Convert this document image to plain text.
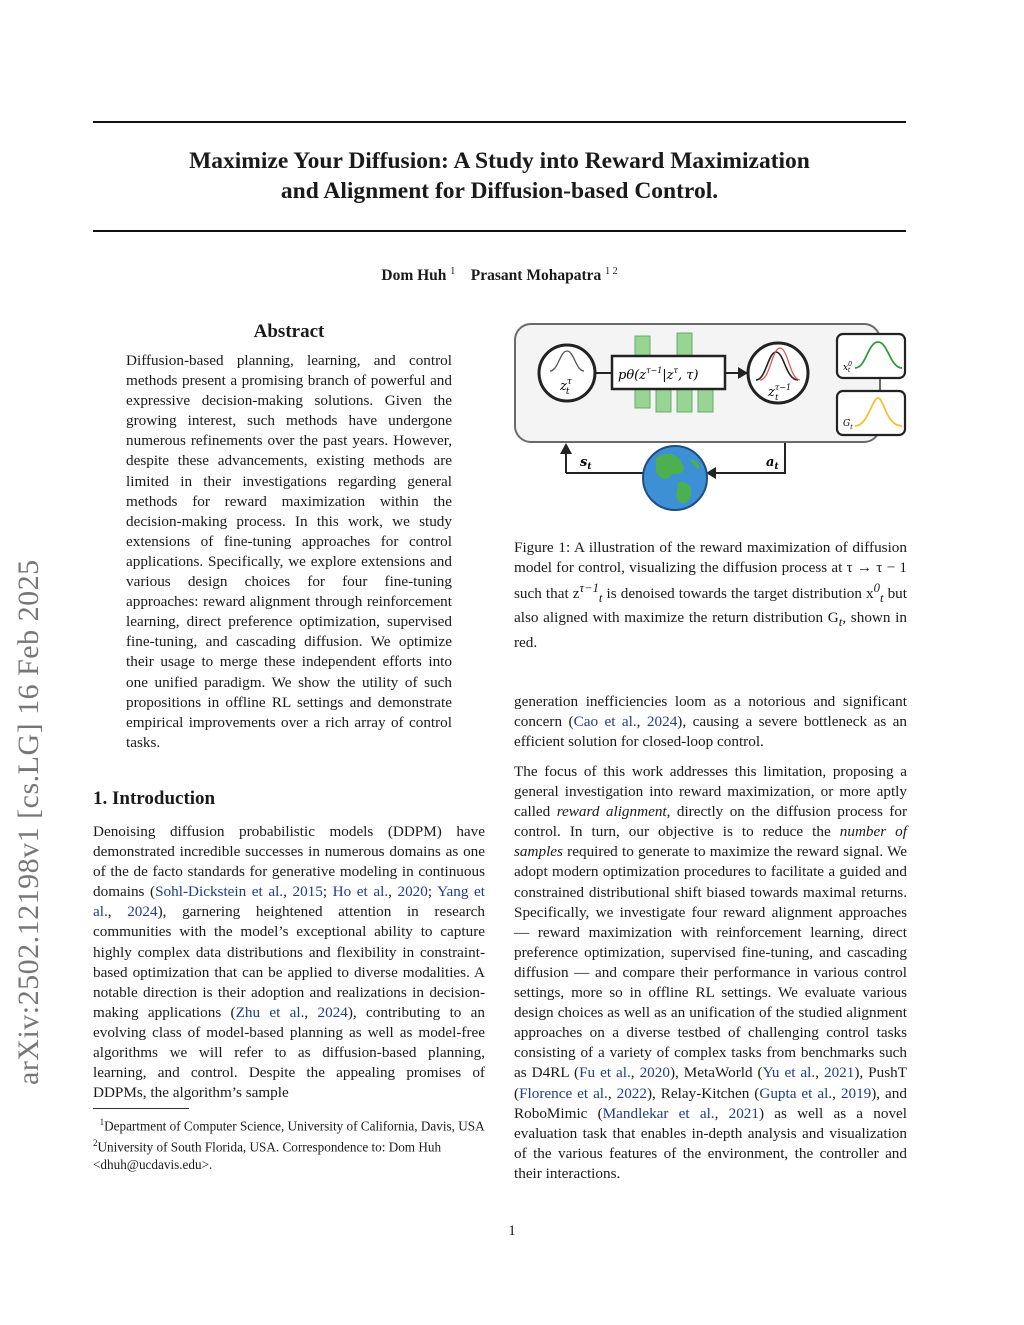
Maximize Your Diffusion: A Study into Reward Maximization
and Alignment for Diffusion-based Control.
Dom Huh $^1$ Prasant Mohapatra $^{1 2}$
arXiv:2502.12198v1 [cs.LG] 16 Feb 2025
Abstract
Diffusion-based planning, learning, and control methods present a promising branch of powerful and expressive decision-making solutions. Given the growing interest, such methods have undergone numerous refinements over the past years. However, despite these advancements, existing methods are limited in their investigations regarding general methods for reward maximization within the decision-making process. In this work, we study extensions of fine-tuning approaches for control applications. Specifically, we explore extensions and various design choices for four fine-tuning approaches: reward alignment through reinforcement learning, direct preference optimization, supervised fine-tuning, and cascading diffusion. We optimize their usage to merge these independent efforts into one unified paradigm. We show the utility of such propositions in offline RL settings and demonstrate empirical improvements over a rich array of control tasks.
1. Introduction
Denoising diffusion probabilistic models (DDPM) have demonstrated incredible successes in numerous domains as one of the de facto standards for generative modeling in continuous domains (Sohl-Dickstein et al., 2015; Ho et al., 2020; Yang et al., 2024), garnering heightened attention in research communities with the model’s exceptional ability to capture highly complex data distributions and flexibility in constraint-based optimization that can be applied to diverse modalities. A notable direction is their adoption and realizations in decision-making applications (Zhu et al., 2024), contributing to an evolving class of model-based planning as well as model-free algorithms we will refer to as diffusion-based planning, learning, and control. Despite the appealing promises of DDPMs, the algorithm’s sample
$^1$Department of Computer Science, University of California, Davis, USA $^2$University of South Florida, USA. Correspondence to: Dom Huh <dhuh@ucdavis.edu>.
$z^\tau$ t
$p\theta(z^{\tau-1}|z^\tau$, τ)
$z^{\tau-1}$ t
$x^0$ t
$G_t$
$s_t$	$a_t$
Figure 1: A illustration of the reward maximization of diffusion model for control, visualizing the diffusion process at τ → τ − 1 such that $z^{\tau-1}_t$ is denoised towards the target distribution $x^0_t$ but also aligned with maximize the return distribution $G_t$, shown in red.
generation inefficiencies loom as a notorious and significant concern (Cao et al., 2024), causing a severe bottleneck as an efficient solution for closed-loop control.
The focus of this work addresses this limitation, proposing a general investigation into reward maximization, or more aptly called reward alignment, directly on the diffusion process for control. In turn, our objective is to reduce the number of samples required to generate to maximize the reward signal. We adopt modern optimization procedures to facilitate a guided and constrained distributional shift biased towards maximal returns. Specifically, we investigate four reward alignment approaches — reward maximization with reinforcement learning, direct preference optimization, supervised fine-tuning, and cascading diffusion — and compare their performance in various control settings, more so in offline RL settings. We evaluate various design choices as well as an unification of the studied alignment approaches on a diverse testbed of challenging control tasks consisting of a variety of complex tasks from benchmarks such as D4RL (Fu et al., 2020), MetaWorld (Yu et al., 2021), PushT (Florence et al., 2022), Relay-Kitchen (Gupta et al., 2019), and RoboMimic (Mandlekar et al., 2021) as well as a novel evaluation task that enables in-depth analysis and visualization of the various features of the environment, the controller and their interactions.
1
